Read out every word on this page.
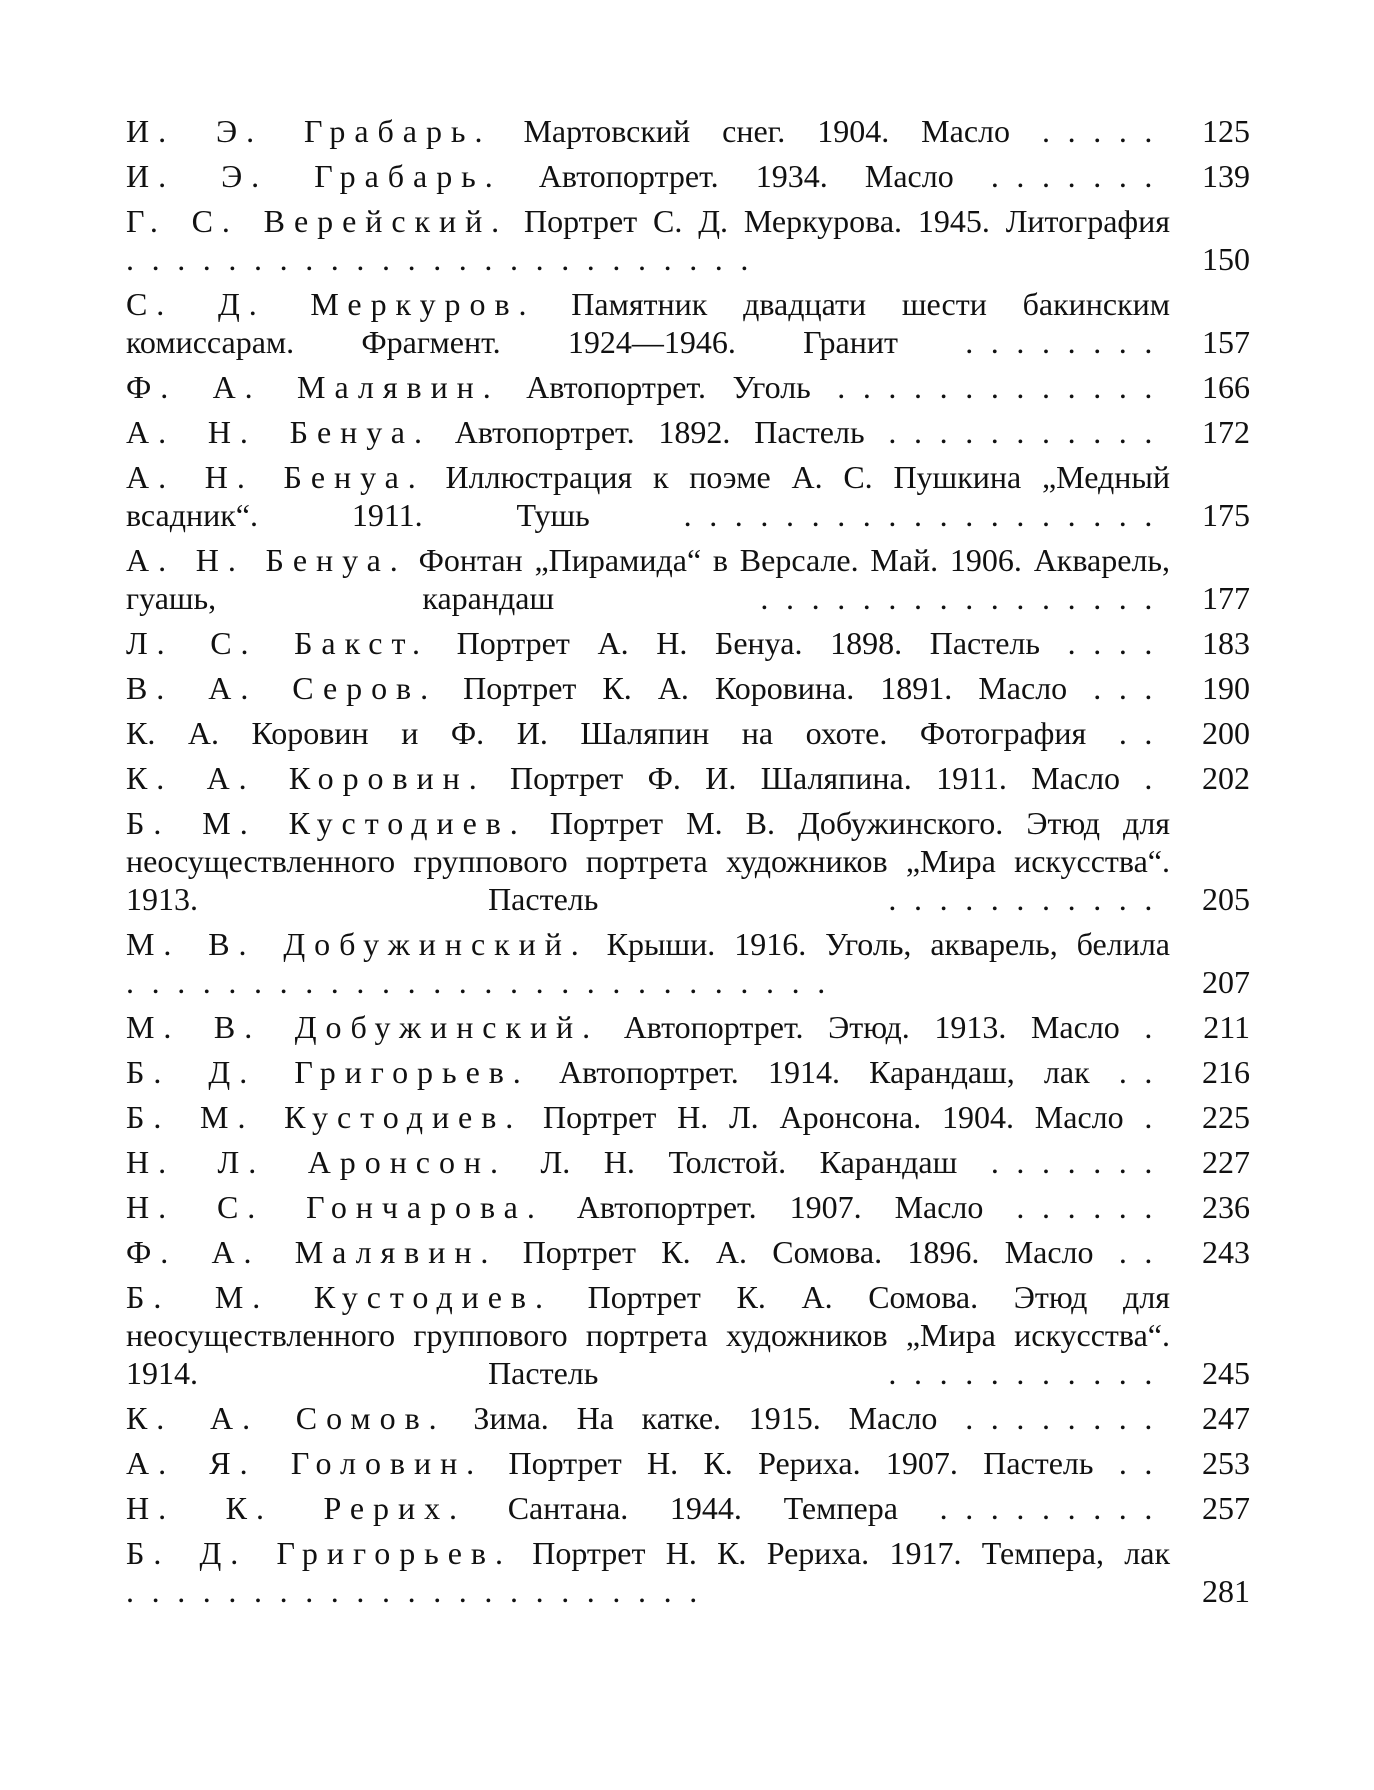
И. Э. Грабарь. Мартовский снег. 1904. Масло ..... 125
И. Э. Грабарь. Автопортрет. 1934. Масло ....... 139
Г. С. Верейский. Портрет С. Д. Меркурова. 1945. Литография .........................	150
С. Д. Меркуров. Памятник двадцати шести бакинским комиссарам. Фрагмент. 1924—1946. Гранит ........ 157
Ф. А. Малявин. Автопортрет. Уголь ............. 166
А. Н. Бенуа. Автопортрет. 1892. Пастель ...........	172
А. Н. Бенуа. Иллюстрация к поэме А. С. Пушкина „Медный всадник“. 1911. Тушь	................... 175
А. Н. Бенуа. Фонтан „Пирамида“ в Версале. Май. 1906. Акварель, гуашь, карандаш	................	177
Л. С. Бакст. Портрет А. Н. Бенуа. 1898. Пастель .... 183
В. А. Серов. Портрет К. А. Коровина. 1891. Масло ... 190
К. А. Коровин и Ф. И. Шаляпин на охоте. Фотография .. 200
К. А. Коровин. Портрет Ф. И. Шаляпина. 1911. Масло .	202
Б. М. Кустодиев. Портрет М. В. Добужинского. Этюд для неосуществленного группового портрета художников „Мира искусства“. 1913. Пастель	...........	205
М. В. Добужинский. Крыши. 1916. Уголь, акварель, белила ............................	207
М. В. Добужинский. Автопортрет. Этюд. 1913. Масло .	211
Б. Д. Григорьев. Автопортрет. 1914. Карандаш, лак .. 216
Б. М. Кустодиев. Портрет Н. Л. Аронсона. 1904. Масло .	225
Н. Л. Аронсон. Л. Н. Толстой. Карандаш ....... 227
Н. С. Гончарова. Автопортрет. 1907. Масло ......	236
Ф. А. Малявин. Портрет К. А. Сомова. 1896. Масло .. 243
Б. М. Кустодиев. Портрет К. А. Сомова. Этюд для неосуществленного группового портрета художников „Мира искусства“. 1914. Пастель	...........	245
К. А. Сомов. Зима. На катке. 1915. Масло ........ 247
А. Я. Головин. Портрет Н. К. Рериха. 1907. Пастель .. 253
Н. К. Рерих. Сантана. 1944. Темпера .........	257
Б. Д. Григорьев. Портрет Н. К. Рериха. 1917. Темпера, лак .......................	281
